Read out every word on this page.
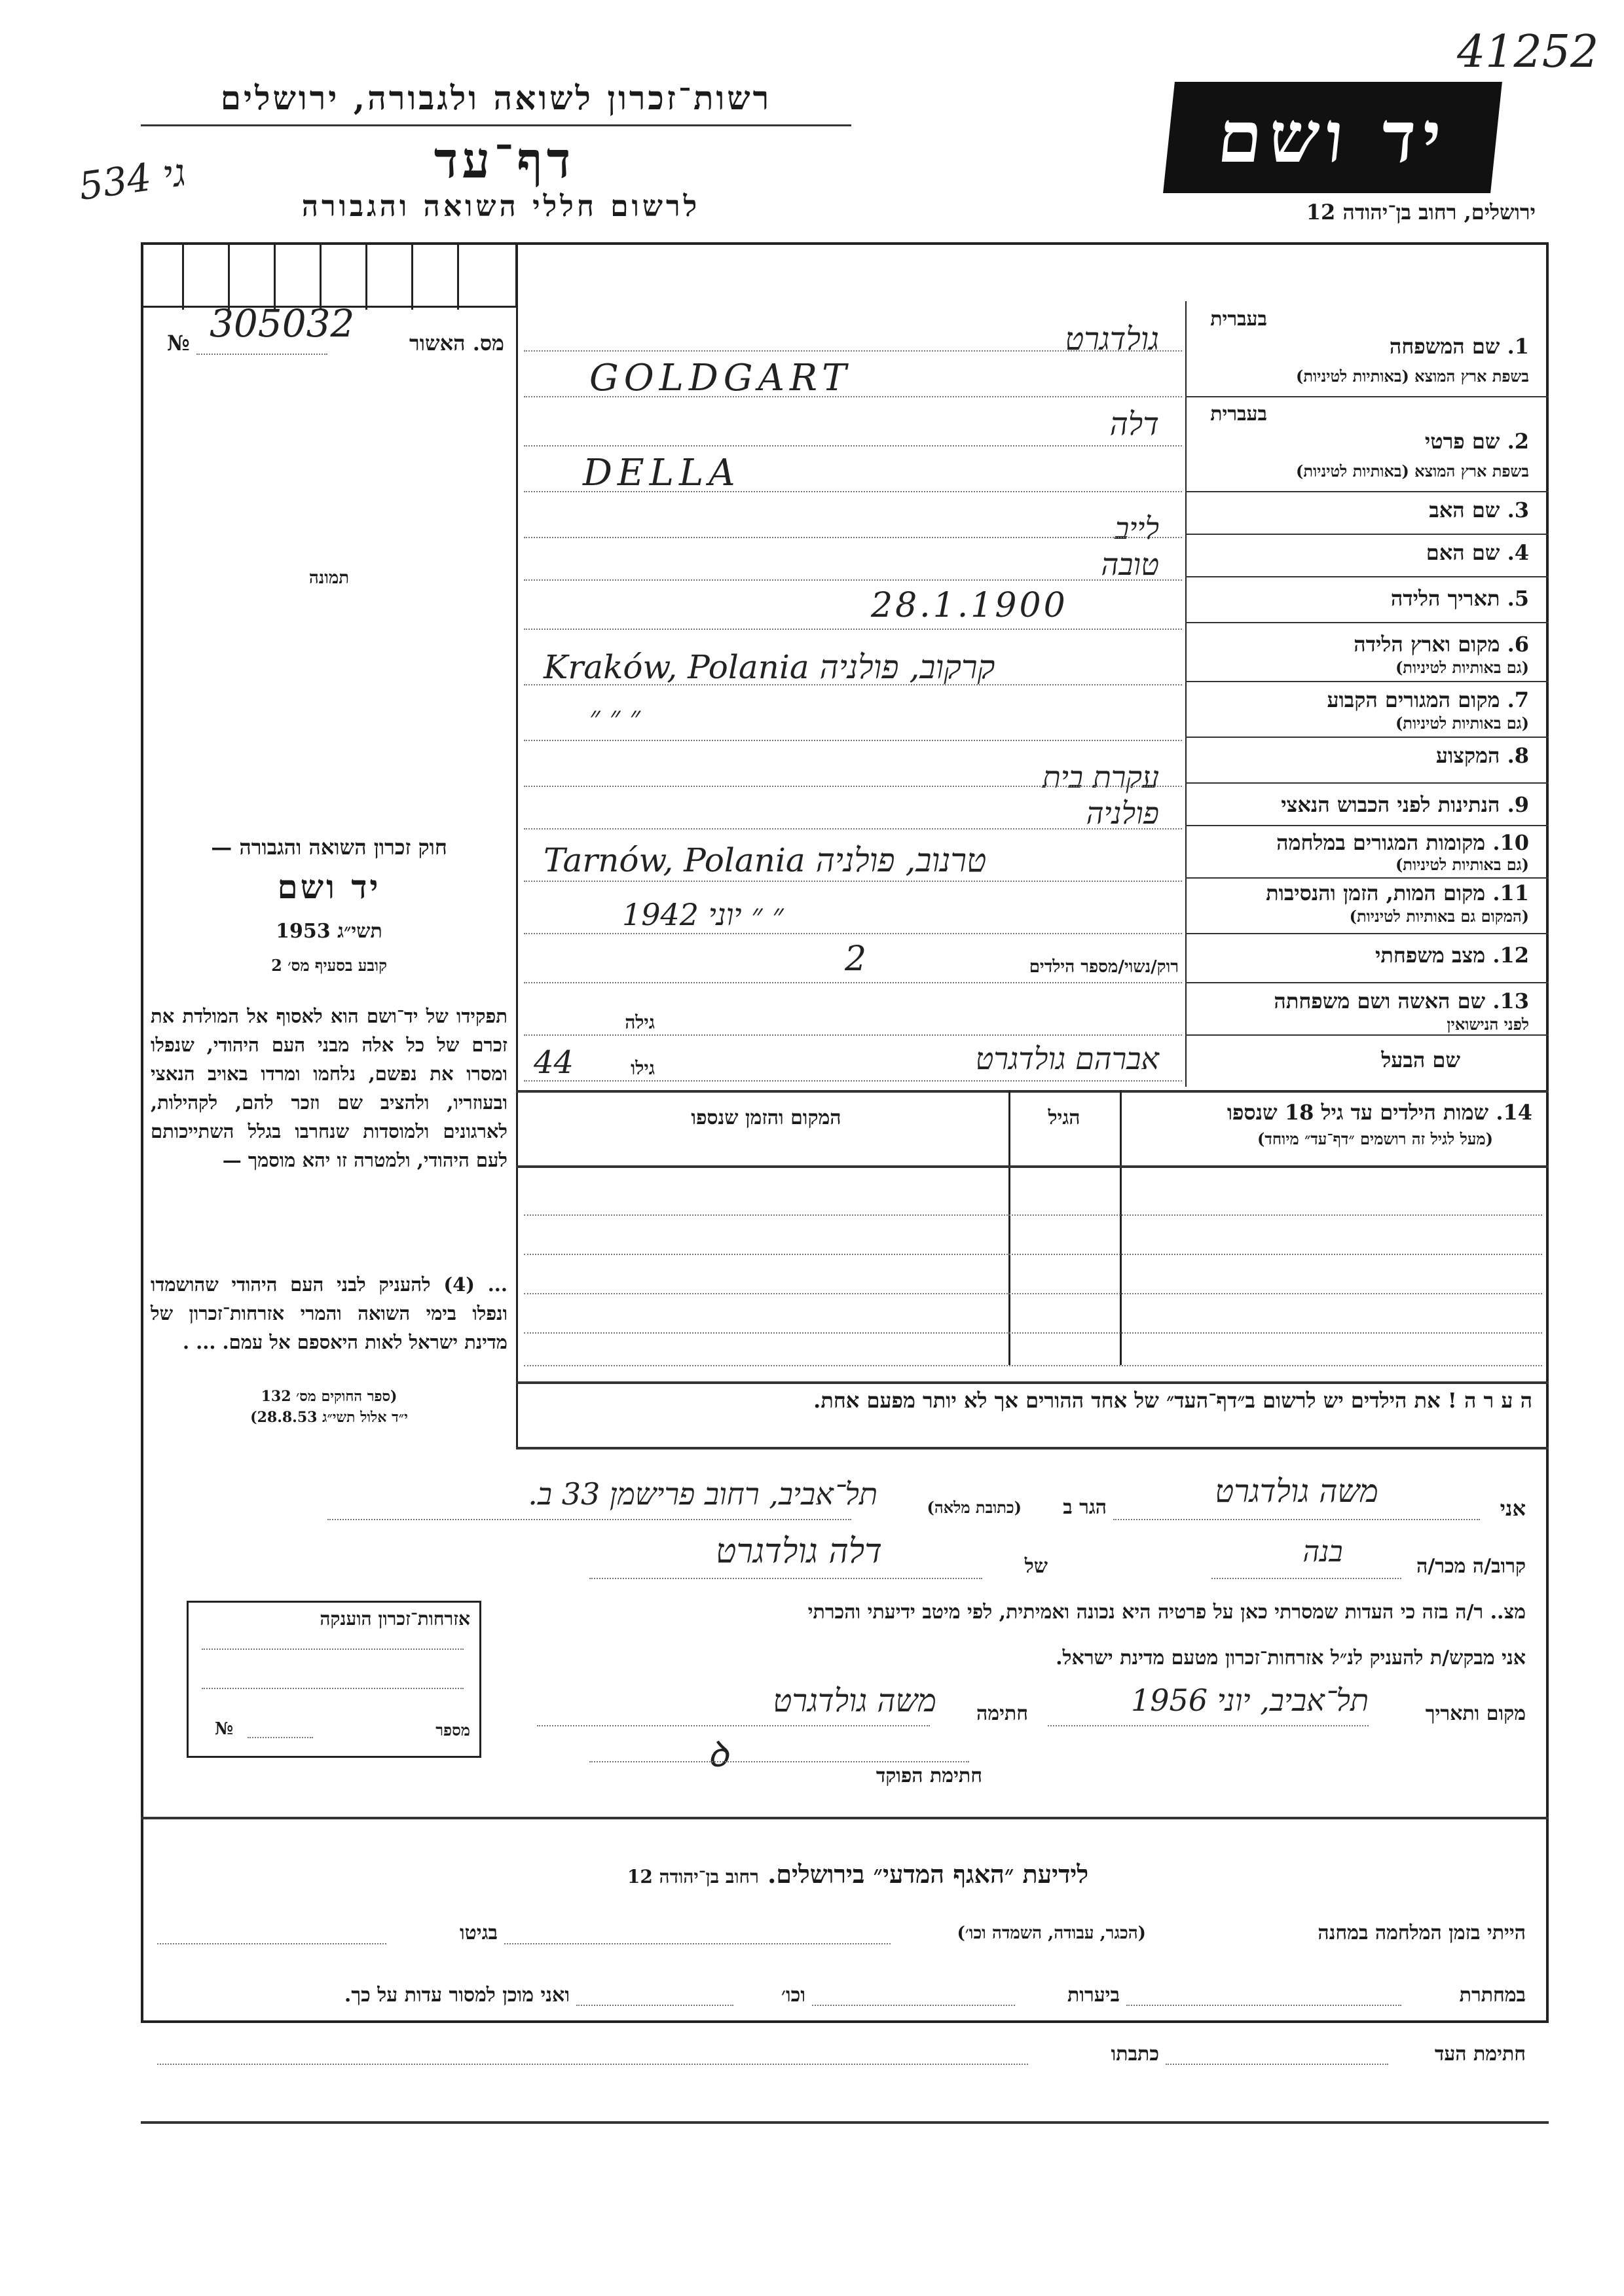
41252
רשות־זכרון לשואה ולגבורה, ירושלים
דף־עד
לרשום חללי השואה והגבורה
גי 534	יד ושם
ירושלים, רחוב בן־יהודה 12
מס. האשור
№ 305032
תמונה
חוק זכרון השואה והגבורה —
יד ושם
תשי״ג 1953
קובע בסעיף מס׳ 2
תפקידו של יד־ושם הוא לאסוף אל המולדת את זכרם של כל אלה מבני העם היהודי, שנפלו ומסרו את נפשם, נלחמו ומרדו באויב הנאצי ובעוזריו, ולהציב שם וזכר להם, לקהילות, לארגונים ולמוסדות שנחרבו בגלל השתייכותם לעם היהודי, ולמטרה זו יהא מוסמך —
... (4) להעניק לבני העם היהודי שהושמדו ונפלו בימי השואה והמרי אזרחות־זכרון של מדינת ישראל לאות היאספם אל עמם. ... .
(ספר החוקים מס׳ 132
י״ד אלול תשי״ג 28.8.53)
בעברית
1. שם המשפחה
בשפת ארץ המוצא (באותיות לטיניות)
גולדגרט
GOLDGART
בעברית
2. שם פרטי
בשפת ארץ המוצא (באותיות לטיניות)
דלה
DELLA
3. שם האב
לייב
4. שם האם
טובה
5. תאריך הלידה
28.1.1900
6. מקום וארץ הלידה
(גם באותיות לטיניות)
Kraków, Polania קרקוב, פולניה
7. מקום המגורים הקבוע
(גם באותיות לטיניות)
״ ״ ״
8. המקצוע
עקרת בית
9. הנתינות לפני הכבוש הנאצי
פולניה
10. מקומות המגורים במלחמה
(גם באותיות לטיניות)
Tarnów, Polania טרנוב, פולניה
11. מקום המות, הזמן והנסיבות
(המקום גם באותיות לטיניות)
״ ״ יוני 1942
12. מצב משפחתי
רוק/נשוי/מספר הילדים
2
13. שם האשה ושם משפחתה
לפני הנישואין
גילה
שם הבעל
גילו
44	אברהם גולדגרט
14. שמות הילדים עד גיל 18 שנספו
(מעל לגיל זה רושמים ״דף־עד״ מיוחד)
הגיל
המקום והזמן שנספו
ה ע ר ה ! את הילדים יש לרשום ב״דף־העד״ של אחד ההורים אך לא יותר מפעם אחת.
אני
משה גולדגרט
הגר ב
(כתובת מלאה)
תל־אביב, רחוב פרישמן 33 ב.
קרוב/ה מכר/ה
בנה
של
דלה גולדגרט
מצ.. ר/ה בזה כי העדות שמסרתי כאן על פרטיה היא נכונה ואמיתית, לפי מיטב ידיעתי והכרתי
אני מבקש/ת להעניק לנ״ל אזרחות־זכרון מטעם מדינת ישראל.
מקום ותאריך
תל־אביב, יוני 1956
חתימה
משה גולדגרט
ꝺ
חתימת הפוקד
אזרחות־זכרון הוענקה
מספר
№
לידיעת ״האגף המדעי״ בירושלים. רחוב בן־יהודה 12
הייתי בזמן המלחמה במחנה
(הכגר, עבודה, השמדה וכו׳)
בגיטו
במחתרת
ביערות
וכו׳
ואני מוכן למסור עדות על כך.
חתימת העד
כתבתו
